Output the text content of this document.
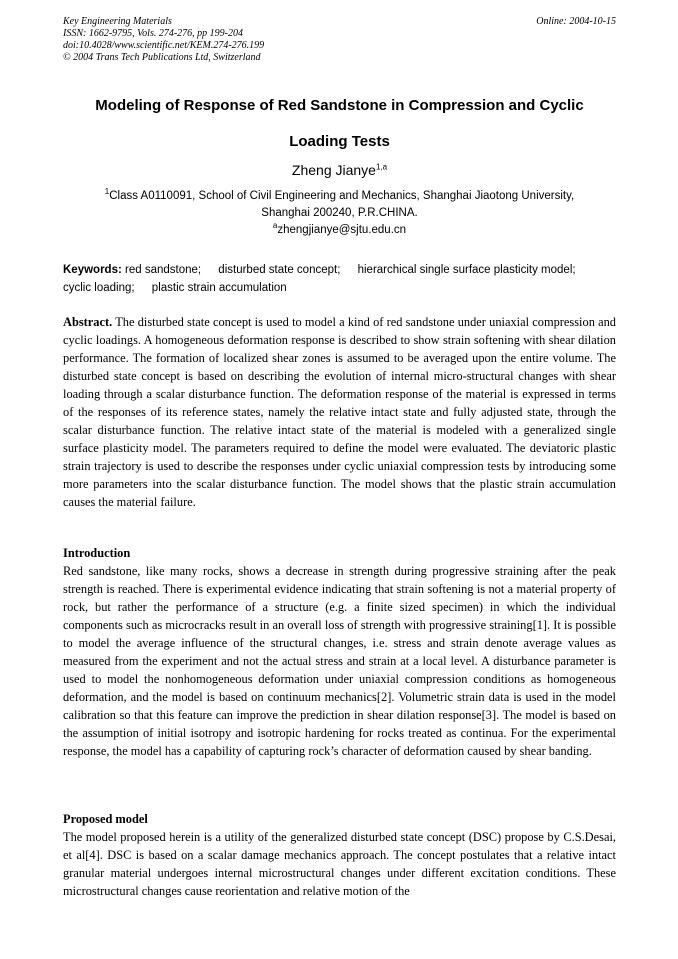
Key Engineering Materials
ISSN: 1662-9795, Vols. 274-276, pp 199-204
doi:10.4028/www.scientific.net/KEM.274-276.199
© 2004 Trans Tech Publications Ltd, Switzerland
Online: 2004-10-15
Modeling of Response of Red Sandstone in Compression and Cyclic
Loading Tests
Zheng Jianye$^{1,a}$
$^1$Class A0110091, School of Civil Engineering and Mechanics, Shanghai Jiaotong University,
Shanghai 200240, P.R.CHINA.
$^a$zhengjianye@sjtu.edu.cn
Keywords: red sandstone; disturbed state concept; hierarchical single surface plasticity model; cyclic loading; plastic strain accumulation
Abstract. The disturbed state concept is used to model a kind of red sandstone under uniaxial compression and cyclic loadings. A homogeneous deformation response is described to show strain softening with shear dilation performance. The formation of localized shear zones is assumed to be averaged upon the entire volume. The disturbed state concept is based on describing the evolution of internal micro-structural changes with shear loading through a scalar disturbance function. The deformation response of the material is expressed in terms of the responses of its reference states, namely the relative intact state and fully adjusted state, through the scalar disturbance function. The relative intact state of the material is modeled with a generalized single surface plasticity model. The parameters required to define the model were evaluated. The deviatoric plastic strain trajectory is used to describe the responses under cyclic uniaxial compression tests by introducing some more parameters into the scalar disturbance function. The model shows that the plastic strain accumulation causes the material failure.
Introduction
Red sandstone, like many rocks, shows a decrease in strength during progressive straining after the peak strength is reached. There is experimental evidence indicating that strain softening is not a material property of rock, but rather the performance of a structure (e.g. a finite sized specimen) in which the individual components such as microcracks result in an overall loss of strength with progressive straining[1]. It is possible to model the average influence of the structural changes, i.e. stress and strain denote average values as measured from the experiment and not the actual stress and strain at a local level. A disturbance parameter is used to model the nonhomogeneous deformation under uniaxial compression conditions as homogeneous deformation, and the model is based on continuum mechanics[2]. Volumetric strain data is used in the model calibration so that this feature can improve the prediction in shear dilation response[3]. The model is based on the assumption of initial isotropy and isotropic hardening for rocks treated as continua. For the experimental response, the model has a capability of capturing rock’s character of deformation caused by shear banding.
Proposed model
The model proposed herein is a utility of the generalized disturbed state concept (DSC) propose by C.S.Desai, et al[4]. DSC is based on a scalar damage mechanics approach. The concept postulates that a relative intact granular material undergoes internal microstructural changes under different excitation conditions. These microstructural changes cause reorientation and relative motion of the
